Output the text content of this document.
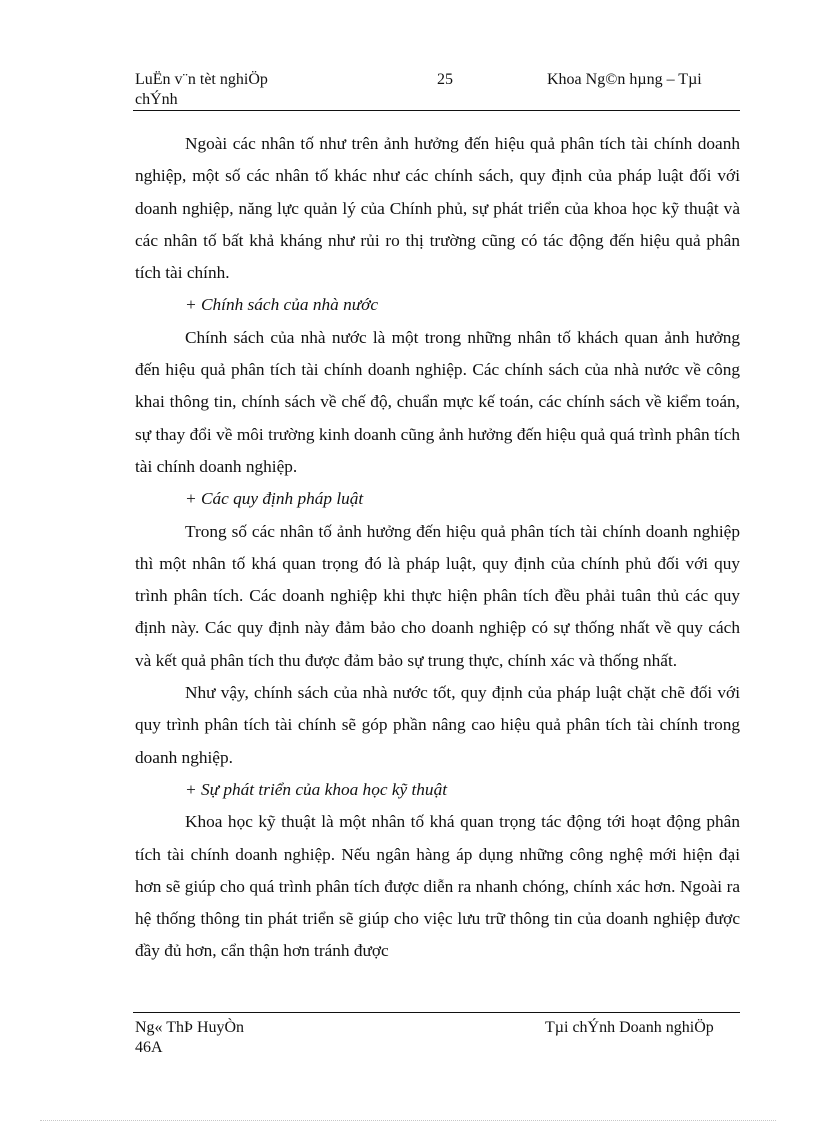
LuËn v¨n tèt nghiÖp	25	Khoa Ng©n hµng – Tµi
chÝnh

Ngoài các nhân tố như trên ảnh hưởng đến hiệu quả phân tích tài chính doanh nghiệp, một số các nhân tố khác như các chính sách, quy định của pháp luật đối với doanh nghiệp, năng lực quản lý của Chính phủ, sự phát triển của khoa học kỹ thuật và các nhân tố bất khả kháng như rủi ro thị trường cũng có tác động đến hiệu quả phân tích tài chính.

+ Chính sách của nhà nước

Chính sách của nhà nước là một trong những nhân tố khách quan ảnh hưởng đến hiệu quả phân tích tài chính doanh nghiệp. Các chính sách của nhà nước về công khai thông tin, chính sách về chế độ, chuẩn mực kế toán, các chính sách về kiểm toán, sự thay đổi về môi trường kinh doanh cũng ảnh hưởng đến hiệu quả quá trình phân tích tài chính doanh nghiệp.

+ Các quy định pháp luật

Trong số các nhân tố ảnh hưởng đến hiệu quả phân tích tài chính doanh nghiệp thì một nhân tố khá quan trọng đó là pháp luật, quy định của chính phủ đối với quy trình phân tích. Các doanh nghiệp khi thực hiện phân tích đều phải tuân thủ các quy định này. Các quy định này đảm bảo cho doanh nghiệp có sự thống nhất về quy cách và kết quả phân tích thu được đảm bảo sự trung thực, chính xác và thống nhất.

Như vậy, chính sách của nhà nước tốt, quy định của pháp luật chặt chẽ đối với quy trình phân tích tài chính sẽ góp phần nâng cao hiệu quả phân tích tài chính trong doanh nghiệp.

+ Sự phát triển của khoa học kỹ thuật

Khoa học kỹ thuật là một nhân tố khá quan trọng tác động tới hoạt động phân tích tài chính doanh nghiệp. Nếu ngân hàng áp dụng những công nghệ mới hiện đại hơn sẽ giúp cho quá trình phân tích được diễn ra nhanh chóng, chính xác hơn. Ngoài ra hệ thống thông tin phát triển sẽ giúp cho việc lưu trữ thông tin của doanh nghiệp được đầy đủ hơn, cẩn thận hơn tránh được

Ng« ThÞ HuyÒn
46A
Tµi chÝnh Doanh nghiÖp
